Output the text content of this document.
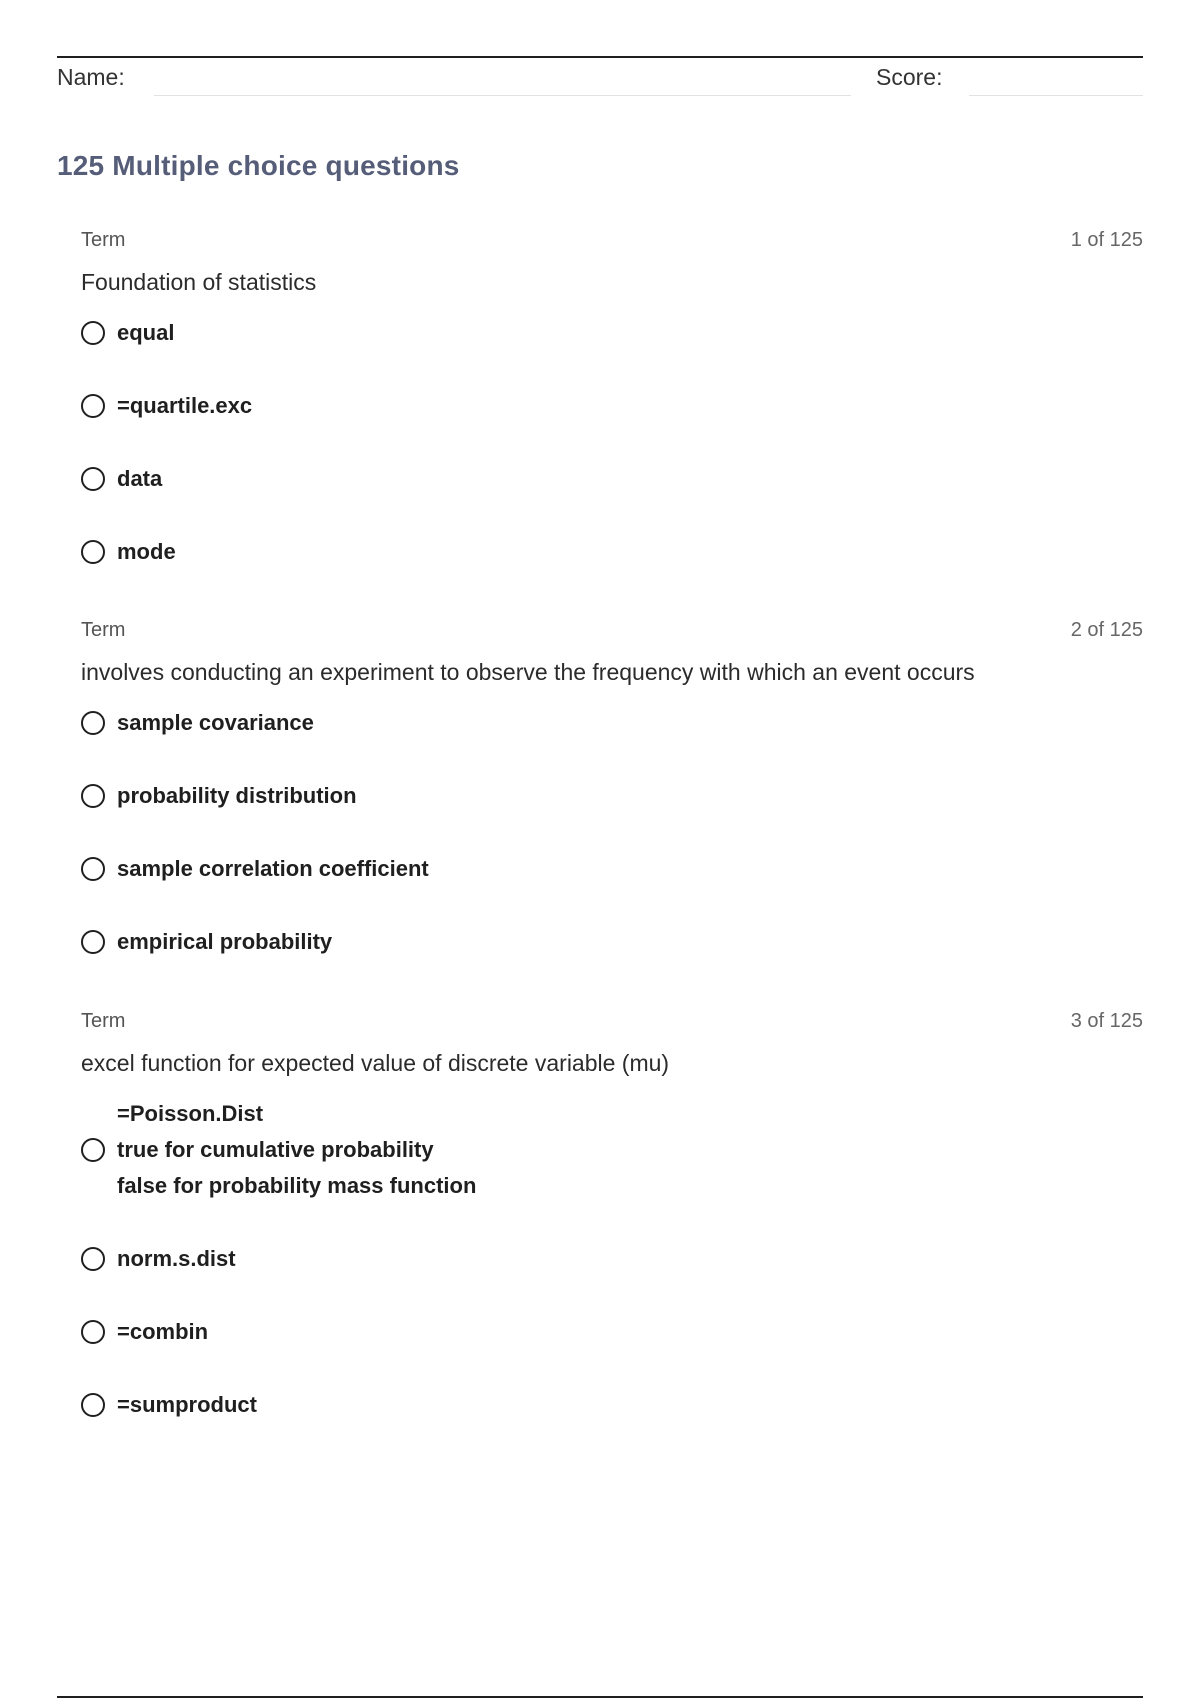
Name:	Score:
125 Multiple choice questions
Term	1 of 125
Foundation of statistics
equal
=quartile.exc
data
mode
Term	2 of 125
involves conducting an experiment to observe the frequency with which an event occurs
sample covariance
probability distribution
sample correlation coefficient
empirical probability
Term	3 of 125
excel function for expected value of discrete variable (mu)
=Poisson.Dist
true for cumulative probability
false for probability mass function
norm.s.dist
=combin
=sumproduct
